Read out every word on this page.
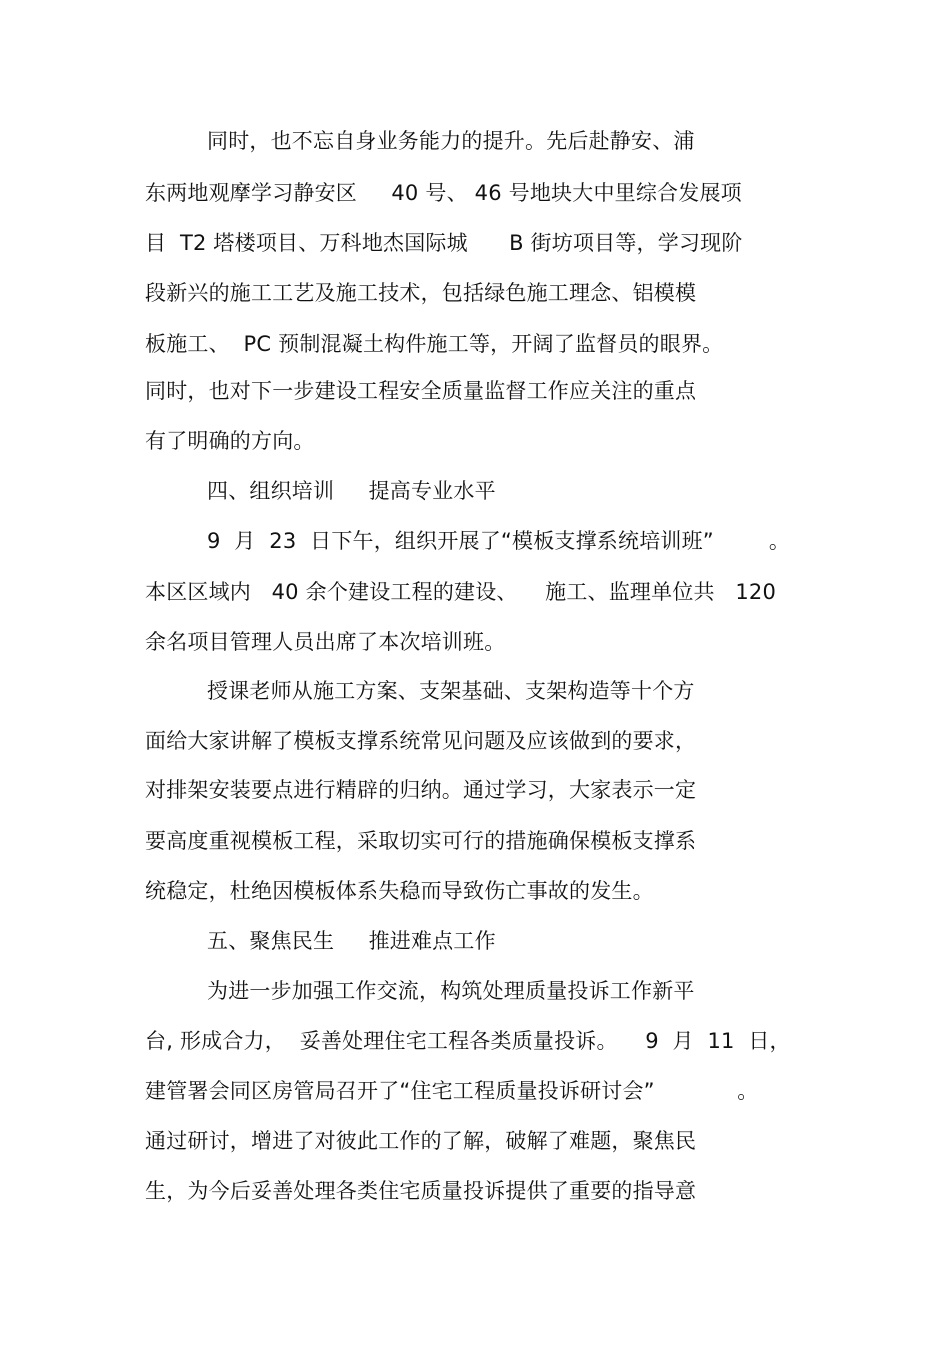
同时，也不忘自身业务能力的提升。先后赴静安、浦
东两地观摩学习静安区     40 号、 46 号地块大中里综合发展项
目  T2 塔楼项目、万科地杰国际城      B 街坊项目等，学习现阶
段新兴的施工工艺及施工技术，包括绿色施工理念、铝模模
板施工、  PC 预制混凝土构件施工等，开阔了监督员的眼界。
同时，也对下一步建设工程安全质量监督工作应关注的重点
有了明确的方向。
四、组织培训     提高专业水平
9  月  23  日下午，组织开展了“模板支撑系统培训班”        。
本区区域内   40 余个建设工程的建设、    施工、监理单位共   120
余名项目管理人员出席了本次培训班。
授课老师从施工方案、支架基础、支架构造等十个方
面给大家讲解了模板支撑系统常见问题及应该做到的要求，
对排架安装要点进行精辟的归纳。通过学习，大家表示一定
要高度重视模板工程，采取切实可行的措施确保模板支撑系
统稳定，杜绝因模板体系失稳而导致伤亡事故的发生。
五、聚焦民生     推进难点工作
为进一步加强工作交流，构筑处理质量投诉工作新平
台, 形成合力，  妥善处理住宅工程各类质量投诉。    9  月  11  日，
建管署会同区房管局召开了“住宅工程质量投诉研讨会”            。
通过研讨，增进了对彼此工作的了解，破解了难题，聚焦民
生，为今后妥善处理各类住宅质量投诉提供了重要的指导意
